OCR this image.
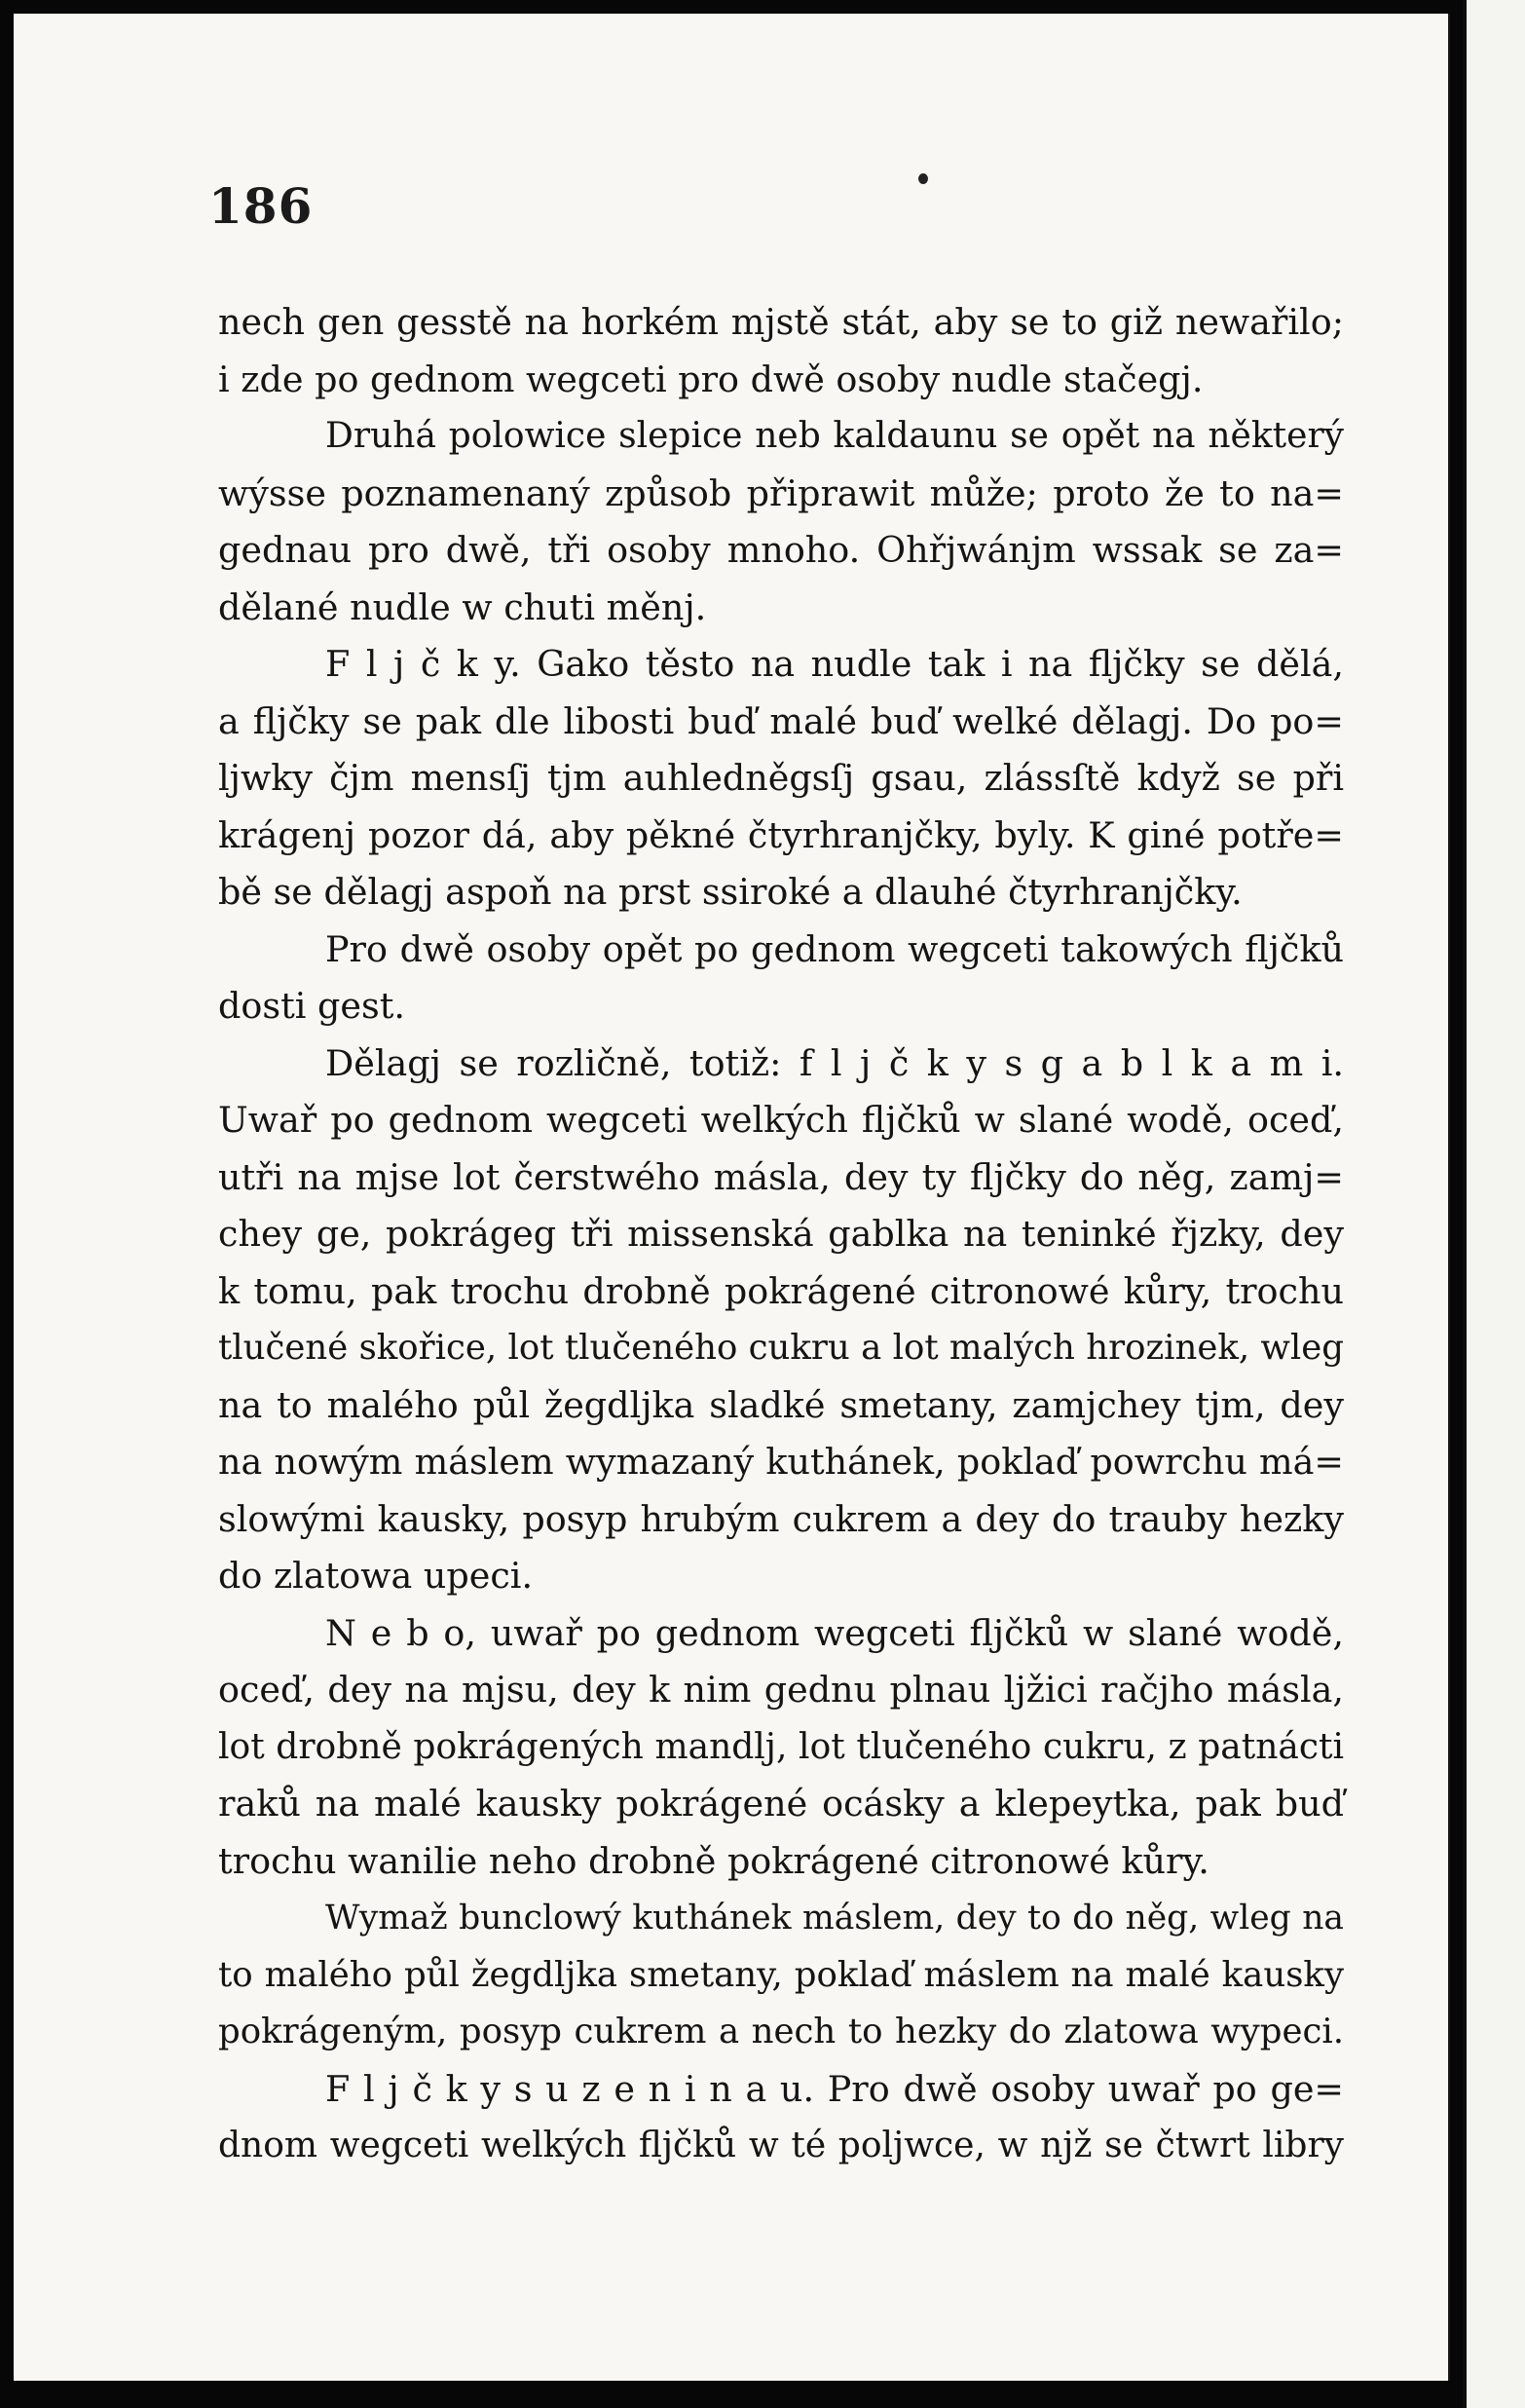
186
nech gen gesstě na horkém mjstě stát, aby se to giž newařilo;
i zde po gednom wegceti pro dwě osoby nudle stačegj.
Druhá polowice slepice neb kaldaunu se opět na některý
wýsse poznamenaný způsob připrawit může; proto že to na=
gednau pro dwě, tři osoby mnoho. Ohřjwánjm wssak se za=
dělané nudle w chuti měnj.
F l j č k y. Gako těsto na nudle tak i na fljčky se dělá,
a fljčky se pak dle libosti buď malé buď welké dělagj. Do po=
ljwky čjm mensſj tjm auhledněgsſj gsau, zlássſtě když se při
krágenj pozor dá, aby pěkné čtyrhranjčky, byly. K giné potře=
bě se dělagj aspoň na prst ssiroké a dlauhé čtyrhranjčky.
Pro dwě osoby opět po gednom wegceti takowých fljčků
dosti gest.
Dělagj se rozličně, totiž: f l j č k y s g a b l k a m i.
Uwař po gednom wegceti welkých fljčků w slané wodě, oceď,
utři na mjse lot čerstwého másla, dey ty fljčky do něg, zamj=
chey ge, pokrágeg tři missenská gablka na teninké řjzky, dey
k tomu, pak trochu drobně pokrágené citronowé kůry, trochu
tlučené skořice, lot tlučeného cukru a lot malých hrozinek, wleg
na to malého půl žegdljka sladké smetany, zamjchey tjm, dey
na nowým máslem wymazaný kuthánek, poklaď powrchu má=
slowými kausky, posyp hrubým cukrem a dey do trauby hezky
do zlatowa upeci.
N e b o, uwař po gednom wegceti fljčků w slané wodě,
oceď, dey na mjsu, dey k nim gednu plnau ljžici račjho másla,
lot drobně pokrágených mandlj, lot tlučeného cukru, z patnácti
raků na malé kausky pokrágené ocásky a klepeytka, pak buď
trochu wanilie neho drobně pokrágené citronowé kůry.
Wymaž bunclowý kuthánek máslem, dey to do něg, wleg na
to malého půl žegdljka smetany, poklaď máslem na malé kausky
pokrágeným, posyp cukrem a nech to hezky do zlatowa wypeci.
F l j č k y s u z e n i n a u. Pro dwě osoby uwař po ge=
dnom wegceti welkých fljčků w té poljwce, w njž se čtwrt libry
